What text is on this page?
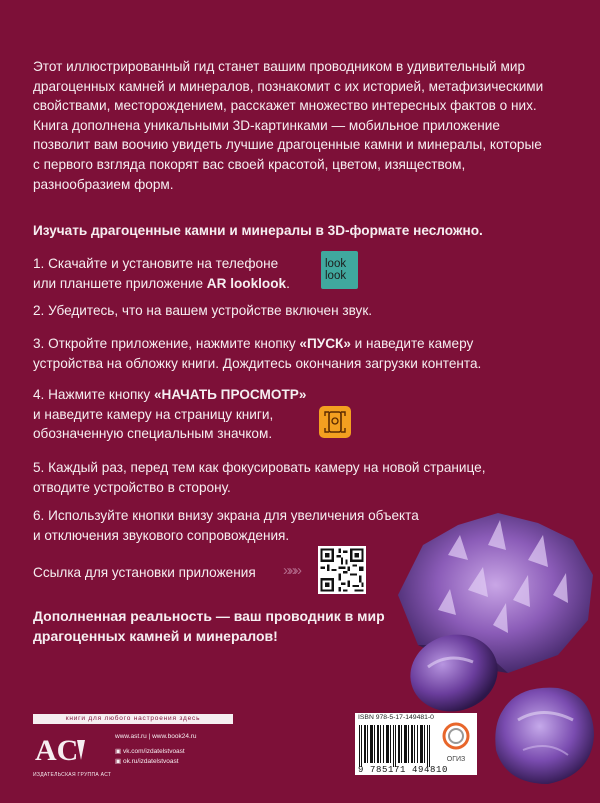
Этот иллюстрированный гид станет вашим проводником в удивительный мир драгоценных камней и минералов, познакомит с их историей, метафизическими свойствами, месторождением, расскажет множество интересных фактов о них. Книга дополнена уникальными 3D-картинками — мобильное приложение позволит вам воочию увидеть лучшие драгоценные камни и минералы, которые с первого взгляда покорят вас своей красотой, цветом, изяществом, разнообразием форм.

Изучать драгоценные камни и минералы в 3D-формате несложно.

1. Скачайте и установите на телефоне
или планшете приложение AR looklook.

look
look

2. Убедитесь, что на вашем устройстве включен звук.

3. Откройте приложение, нажмите кнопку «ПУСК» и наведите камеру
устройства на обложку книги. Дождитесь окончания загрузки контента.

4. Нажмите кнопку «НАЧАТЬ ПРОСМОТР»
и наведите камеру на страницу книги,
обозначенную специальным значком.

5. Каждый раз, перед тем как фокусировать камеру на новой странице,
отводите устройство в сторону.

6. Используйте кнопки внизу экрана для увеличения объекта
и отключения звукового сопровождения.

Ссылка для установки приложения »»»

Дополненная реальность — ваш проводник в мир драгоценных камней и минералов!

книги для любого настроения здесь
AC
ИЗДАТЕЛЬСКАЯ ГРУППА АСТ
www.ast.ru | www.book24.ru
▣ vk.com/izdatelstvoast
▣ ok.ru/izdatelstvoast	ОГИЗ
ISBN 978-5-17-149481-0
9 785171 494810
